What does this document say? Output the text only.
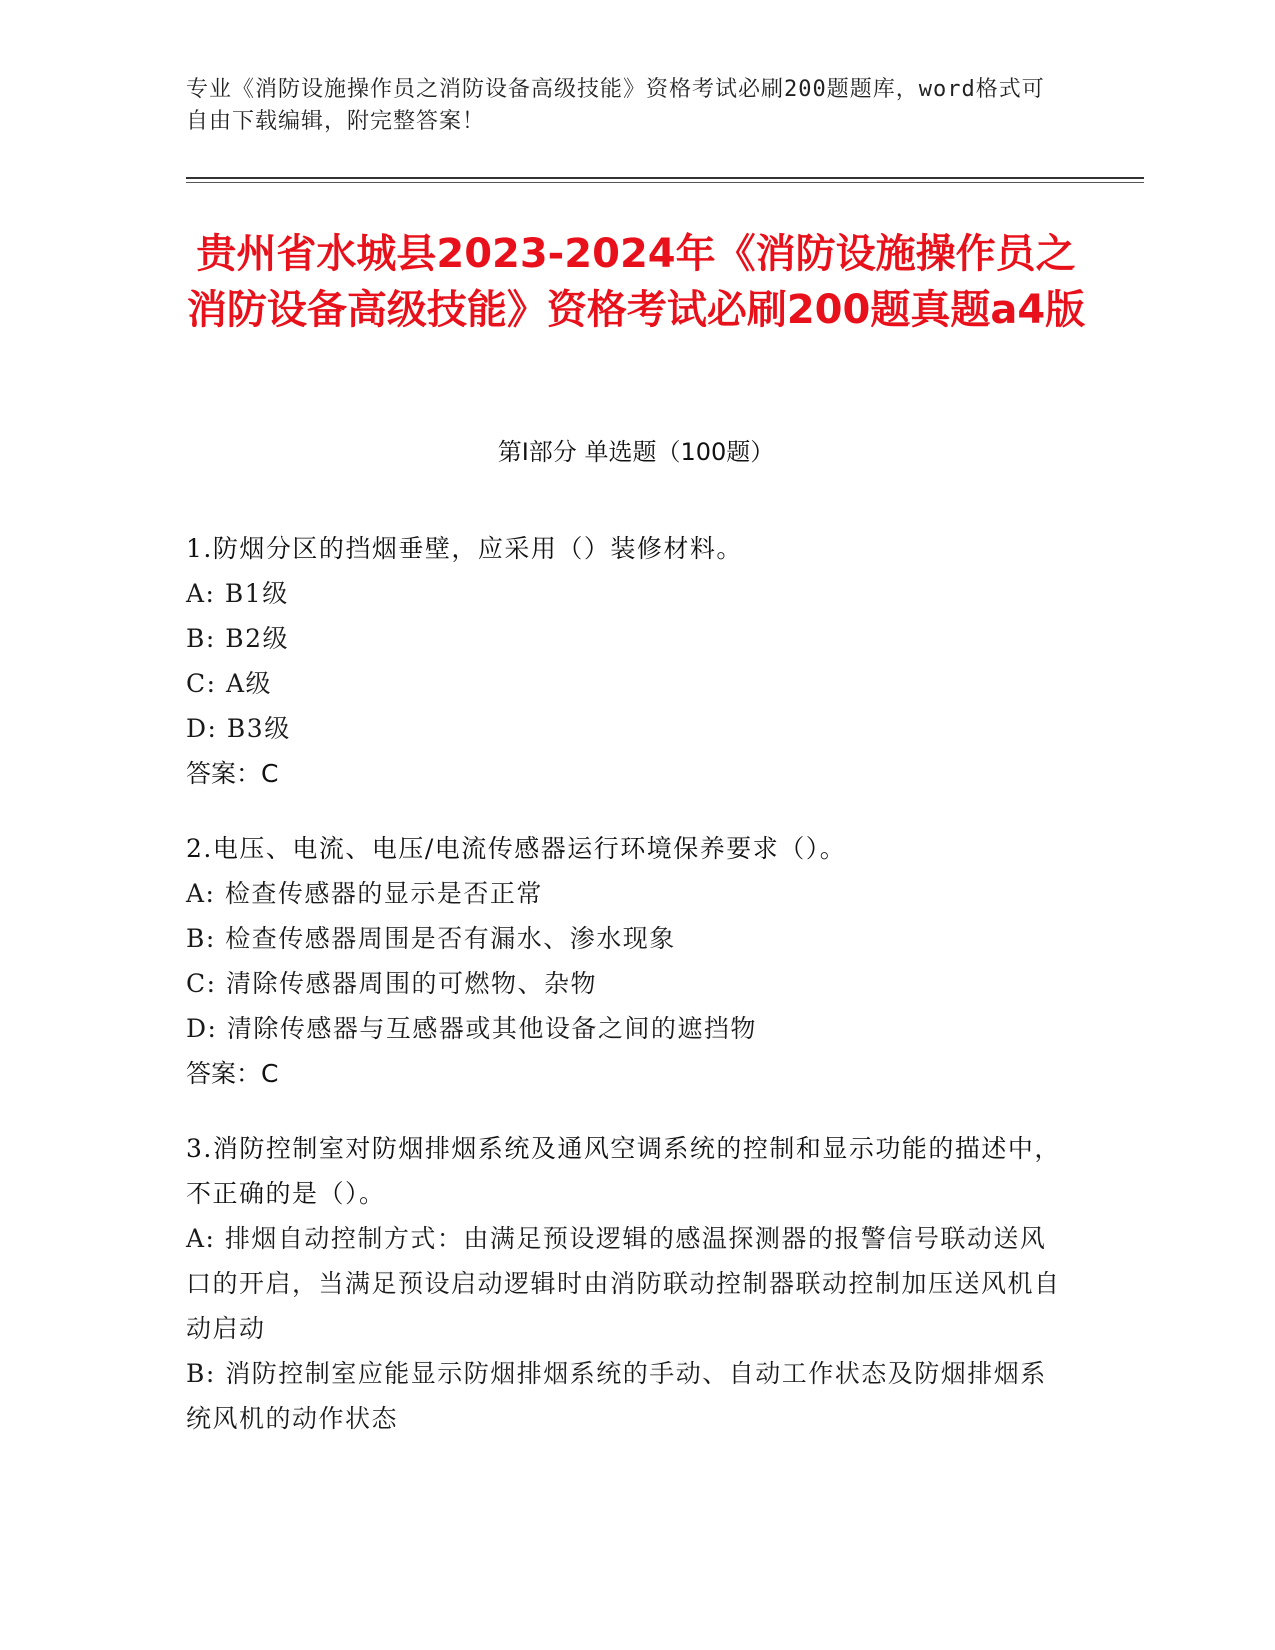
专业《消防设施操作员之消防设备高级技能》资格考试必刷200题题库，word格式可自由下载编辑，附完整答案！
贵州省水城县2023-2024年《消防设施操作员之消防设备高级技能》资格考试必刷200题真题a4版
第Ⅰ部分 单选题（100题）
1.防烟分区的挡烟垂壁，应采用（）装修材料。
A: B1级
B: B2级
C: A级
D: B3级
答案：C
2.电压、电流、电压/电流传感器运行环境保养要求（）。
A: 检查传感器的显示是否正常
B: 检查传感器周围是否有漏水、渗水现象
C: 清除传感器周围的可燃物、杂物
D: 清除传感器与互感器或其他设备之间的遮挡物
答案：C
3.消防控制室对防烟排烟系统及通风空调系统的控制和显示功能的描述中，不正确的是（）。
A: 排烟自动控制方式：由满足预设逻辑的感温探测器的报警信号联动送风口的开启，当满足预设启动逻辑时由消防联动控制器联动控制加压送风机自动启动
B: 消防控制室应能显示防烟排烟系统的手动、自动工作状态及防烟排烟系统风机的动作状态
